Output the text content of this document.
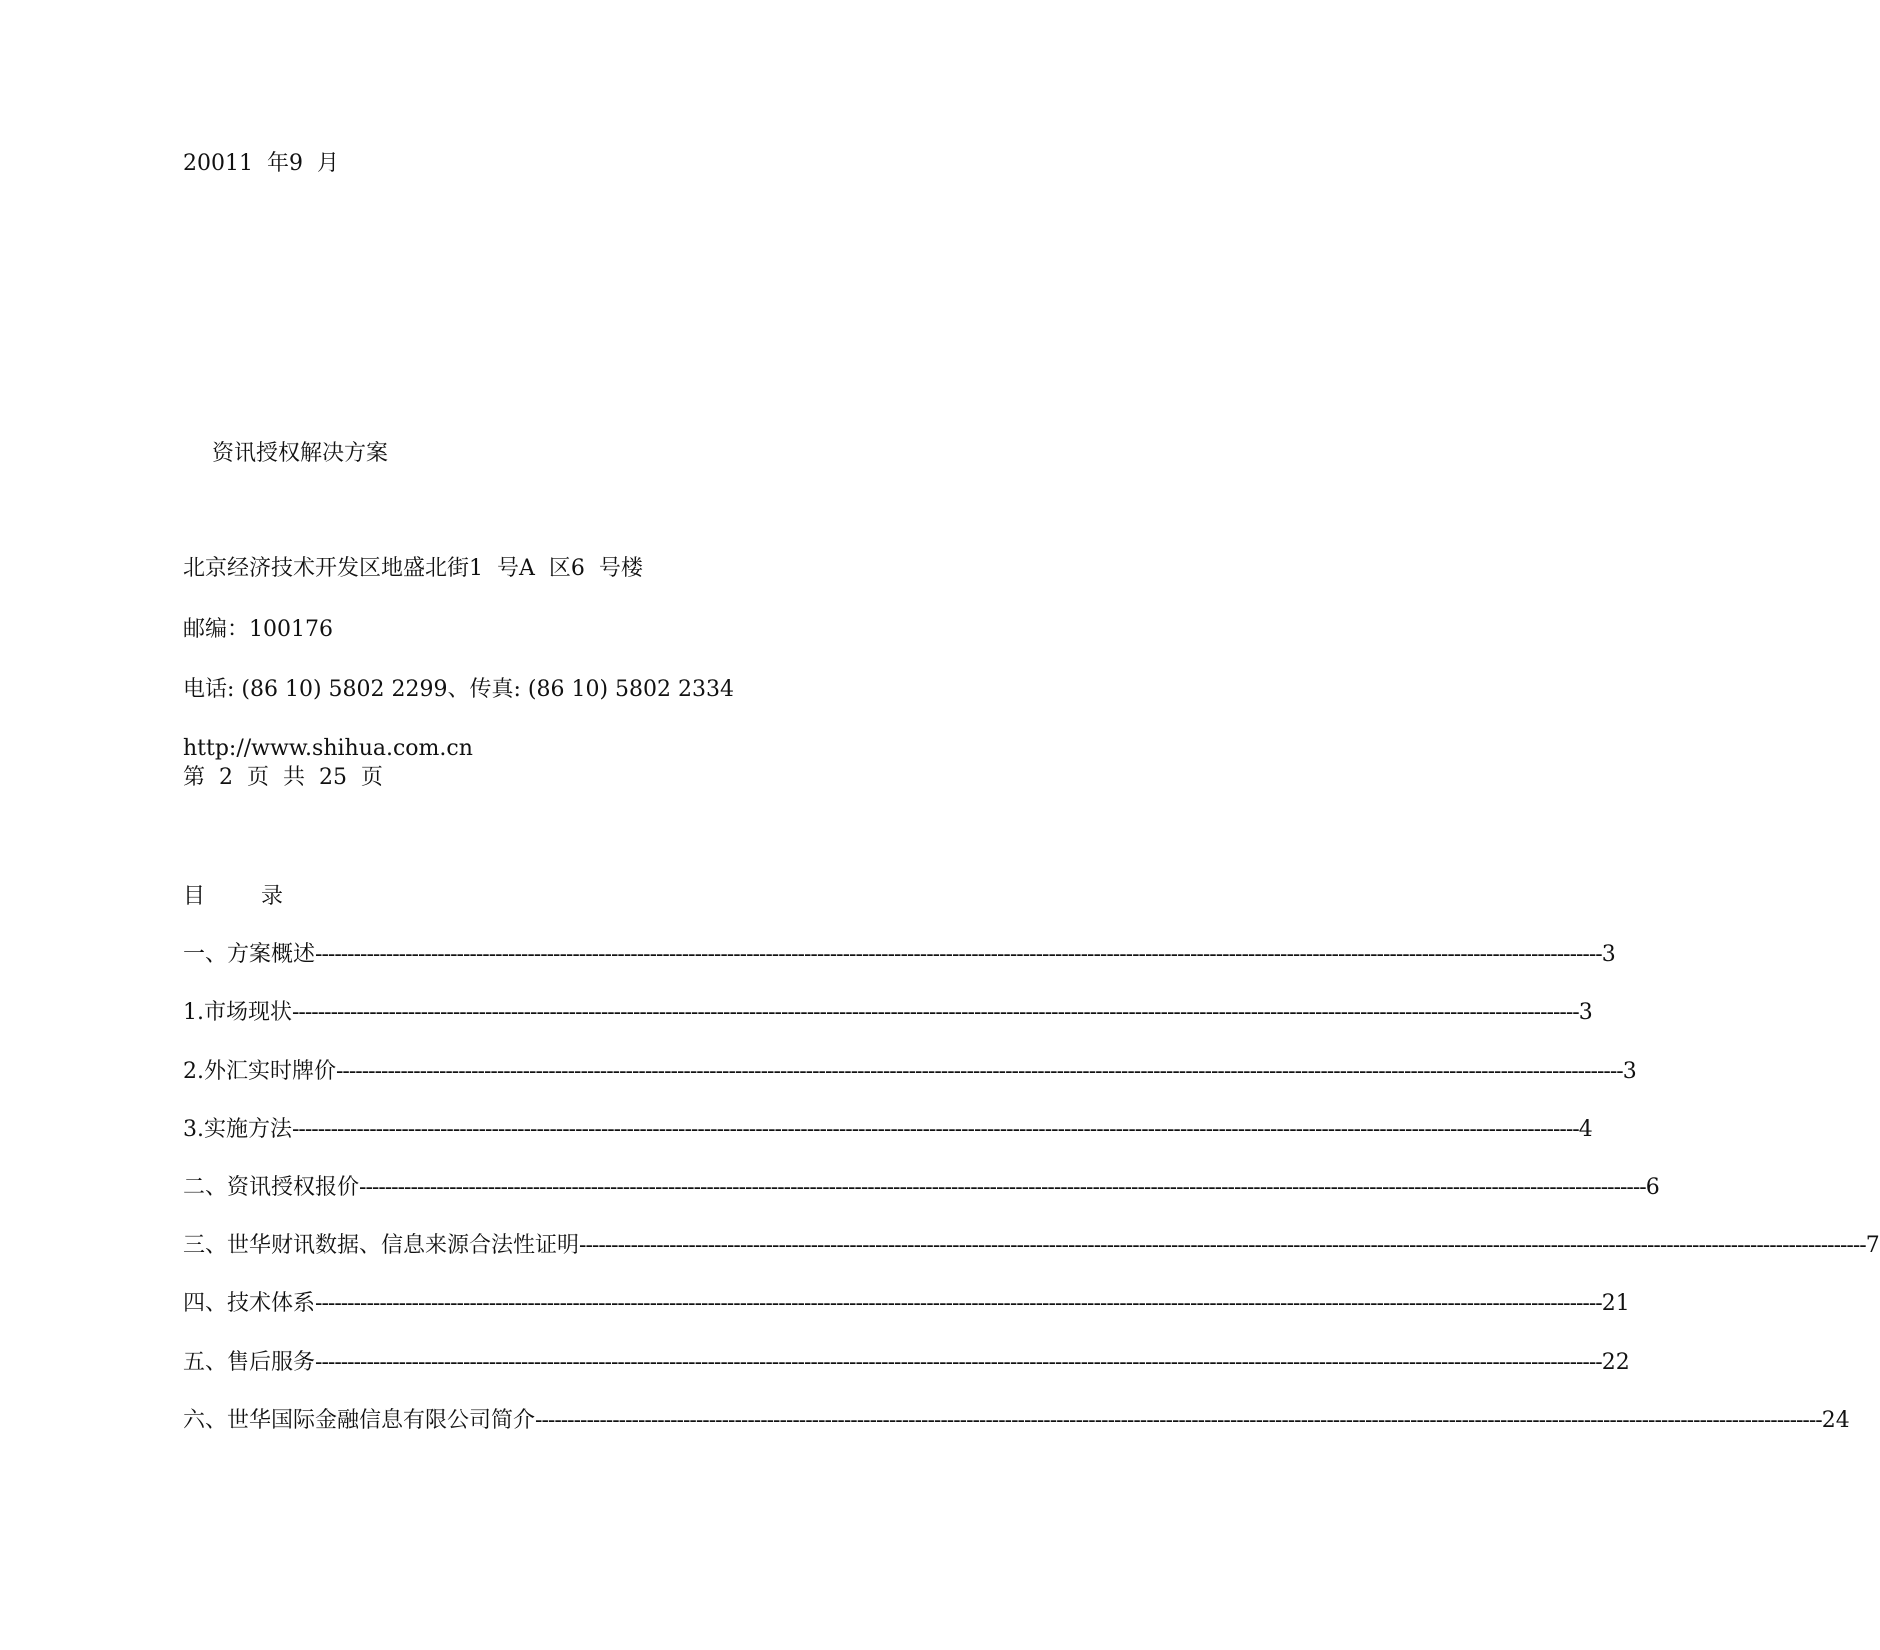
20011  年9  月
资讯授权解决方案
北京经济技术开发区地盛北街1  号A  区6  号楼
邮编：100176
电话: (86 10) 5802 2299、传真: (86 10) 5802 2334
http://www.shihua.com.cn
第  2  页  共  25  页
目        录
一、方案概述 -------------------------------------------------------------------------------------------------------------------------------------------------------------------------------------------------------- 3
1.市场现状 -------------------------------------------------------------------------------------------------------------------------------------------------------------------------------------------------------- 3
2.外汇实时牌价 -------------------------------------------------------------------------------------------------------------------------------------------------------------------------------------------------------- 3
3.实施方法 -------------------------------------------------------------------------------------------------------------------------------------------------------------------------------------------------------- 4
二、资讯授权报价 -------------------------------------------------------------------------------------------------------------------------------------------------------------------------------------------------------- 6
三、世华财讯数据、信息来源合法性证明 -------------------------------------------------------------------------------------------------------------------------------------------------------------------------------------------------------- 7
四、技术体系 -------------------------------------------------------------------------------------------------------------------------------------------------------------------------------------------------------- 21
五、售后服务 -------------------------------------------------------------------------------------------------------------------------------------------------------------------------------------------------------- 22
六、世华国际金融信息有限公司简介 -------------------------------------------------------------------------------------------------------------------------------------------------------------------------------------------------------- 24
